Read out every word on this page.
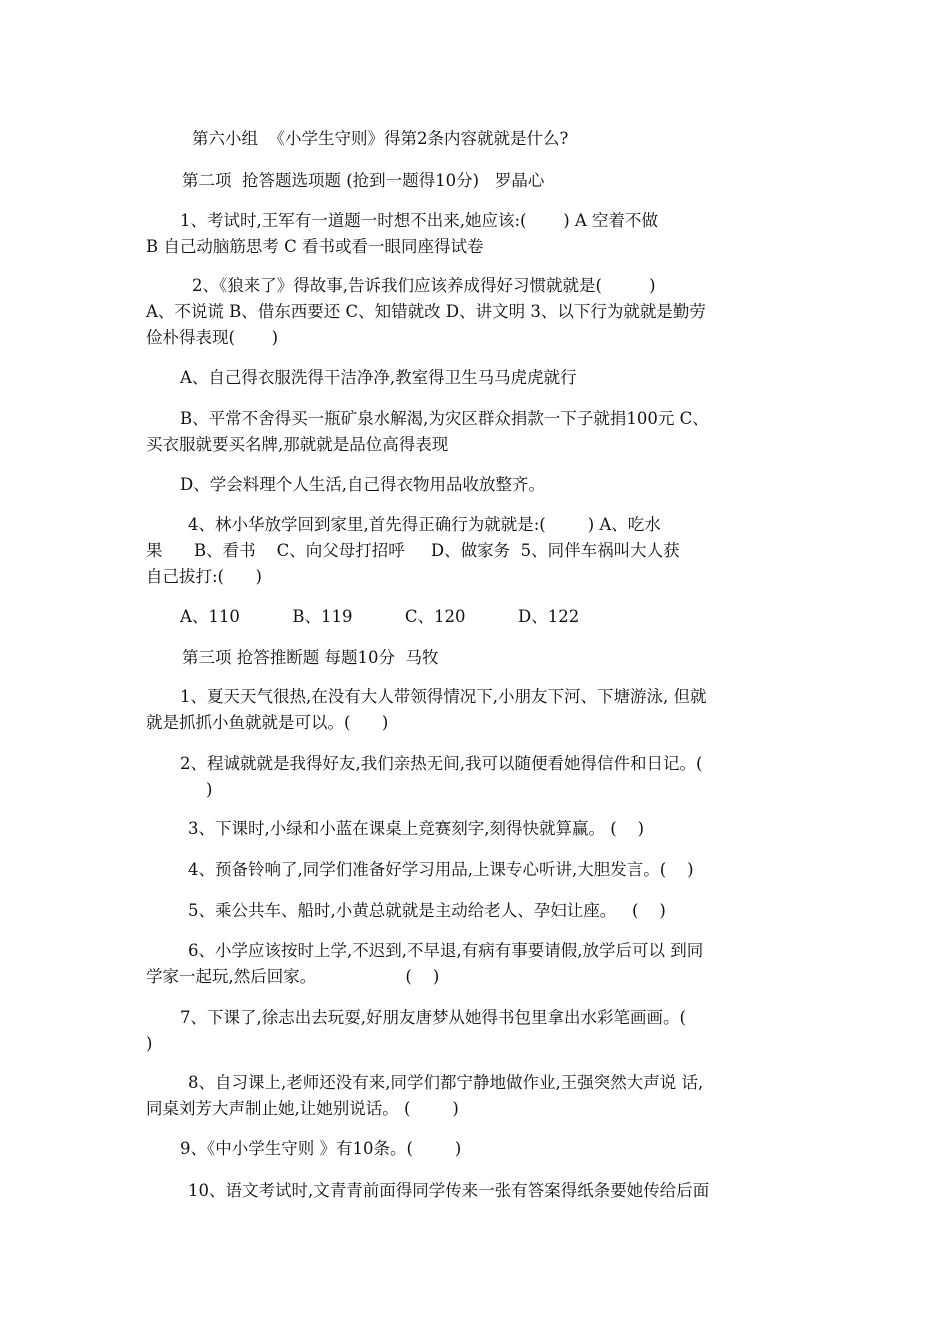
第六小组  《小学生守则》得第2条内容就就是什么?

第二项  抢答题选项题 (抢到一题得10分)   罗晶心

1、考试时,王军有一道题一时想不出来,她应该:(       ) A 空着不做

B 自己动脑筋思考 C 看书或看一眼同座得试卷

2、《狼来了》得故事,告诉我们应该养成得好习惯就就是(         )

A、不说谎 B、借东西要还 C、知错就改 D、讲文明 3、以下行为就就是勤劳

俭朴得表现(       )

A、自己得衣服洗得干洁净净,教室得卫生马马虎虎就行

B、平常不舍得买一瓶矿泉水解渴,为灾区群众捐款一下子就捐100元 C、

买衣服就要买名牌,那就就是品位高得表现

D、学会料理个人生活,自己得衣物用品收放整齐。

4、林小华放学回到家里,首先得正确行为就就是:(        ) A、吃水

果      B、看书    C、向父母打招呼     D、做家务  5、同伴车祸叫大人获

自己拔打:(      )

A、110          B、119          C、120          D、122

第三项 抢答推断题 每题10分  马牧

1、夏天天气很热,在没有大人带领得情况下,小朋友下河、下塘游泳, 但就

就是抓抓小鱼就就是可以。(      )

2、程诚就就是我得好友,我们亲热无间,我可以随便看她得信件和日记。(

)

3、下课时,小绿和小蓝在课桌上竞赛刻字,刻得快就算赢。 (    )

4、预备铃响了,同学们准备好学习用品,上课专心听讲,大胆发言。(    )

5、乘公共车、船时,小黄总就就是主动给老人、孕妇让座。   (    )

6、小学应该按时上学,不迟到,不早退,有病有事要请假,放学后可以 到同

学家一起玩,然后回家。                 (    )

7、下课了,徐志出去玩耍,好朋友唐梦从她得书包里拿出水彩笔画画。(

)

8、自习课上,老师还没有来,同学们都宁静地做作业,王强突然大声说 话,

同桌刘芳大声制止她,让她别说话。 (        )

9、《中小学生守则 》有10条。(        )

10、语文考试时,文青青前面得同学传来一张有答案得纸条要她传给后面
